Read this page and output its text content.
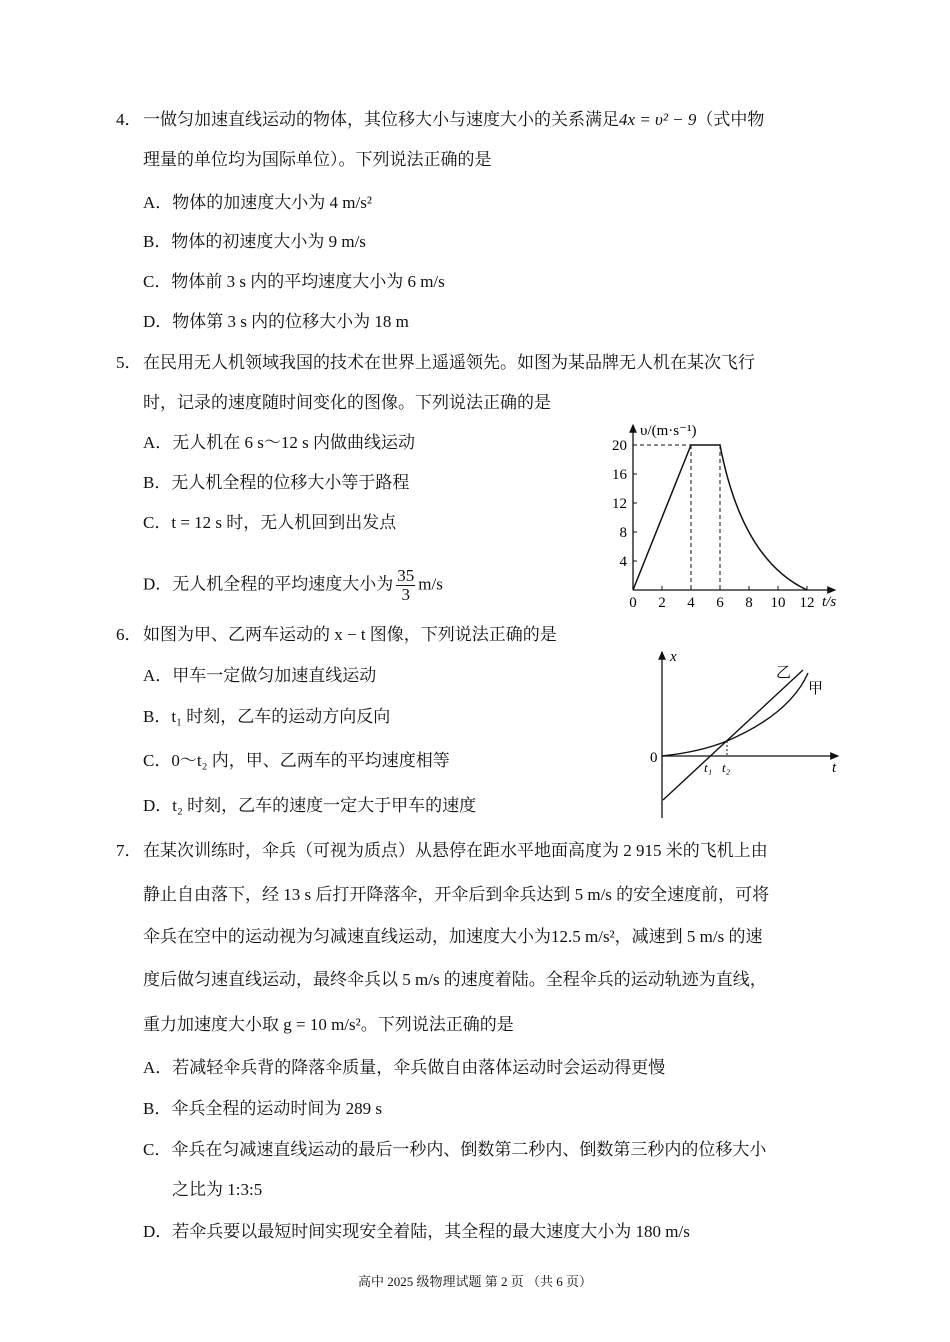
4． 一做匀加速直线运动的物体，其位移大小与速度大小的关系满足4x = υ² − 9（式中物
理量的单位均为国际单位）。下列说法正确的是
A．物体的加速度大小为 4 m/s²
B．物体的初速度大小为 9 m/s
C．物体前 3 s 内的平均速度大小为 6 m/s
D．物体第 3 s 内的位移大小为 18 m
5． 在民用无人机领域我国的技术在世界上遥遥领先。如图为某品牌无人机在某次飞行
时，记录的速度随时间变化的图像。下列说法正确的是
A．无人机在 6 s～12 s 内做曲线运动
B．无人机全程的位移大小等于路程
C．t = 12 s 时，无人机回到出发点
D．无人机全程的平均速度大小为 $\frac{35}{3} m/s$
6． 如图为甲、乙两车运动的 x − t 图像，下列说法正确的是
A．甲车一定做匀加速直线运动
B．t₁ 时刻，乙车的运动方向反向
C．0～t₂ 内，甲、乙两车的平均速度相等
D．t₂ 时刻，乙车的速度一定大于甲车的速度
7． 在某次训练时，伞兵（可视为质点）从悬停在距水平地面高度为 2 915 米的飞机上由
静止自由落下，经 13 s 后打开降落伞，开伞后到伞兵达到 5 m/s 的安全速度前，可将
伞兵在空中的运动视为匀减速直线运动，加速度大小为12.5 m/s²，减速到 5 m/s 的速
度后做匀速直线运动，最终伞兵以 5 m/s 的速度着陆。全程伞兵的运动轨迹为直线，
重力加速度大小取 g = 10 m/s²。下列说法正确的是
A．若减轻伞兵背的降落伞质量，伞兵做自由落体运动时会运动得更慢
B．伞兵全程的运动时间为 289 s
C．伞兵在匀减速直线运动的最后一秒内、倒数第二秒内、倒数第三秒内的位移大小
之比为 1:3:5
D．若伞兵要以最短时间实现安全着陆，其全程的最大速度大小为 180 m/s
高中 2025 级物理试题 第 2 页 （共 6 页）
υ/(m·s⁻¹)
t/s
4
8
12
16
20
0 2 4 6 8 10 12
x
t
0
t₁ t₂
乙
甲
